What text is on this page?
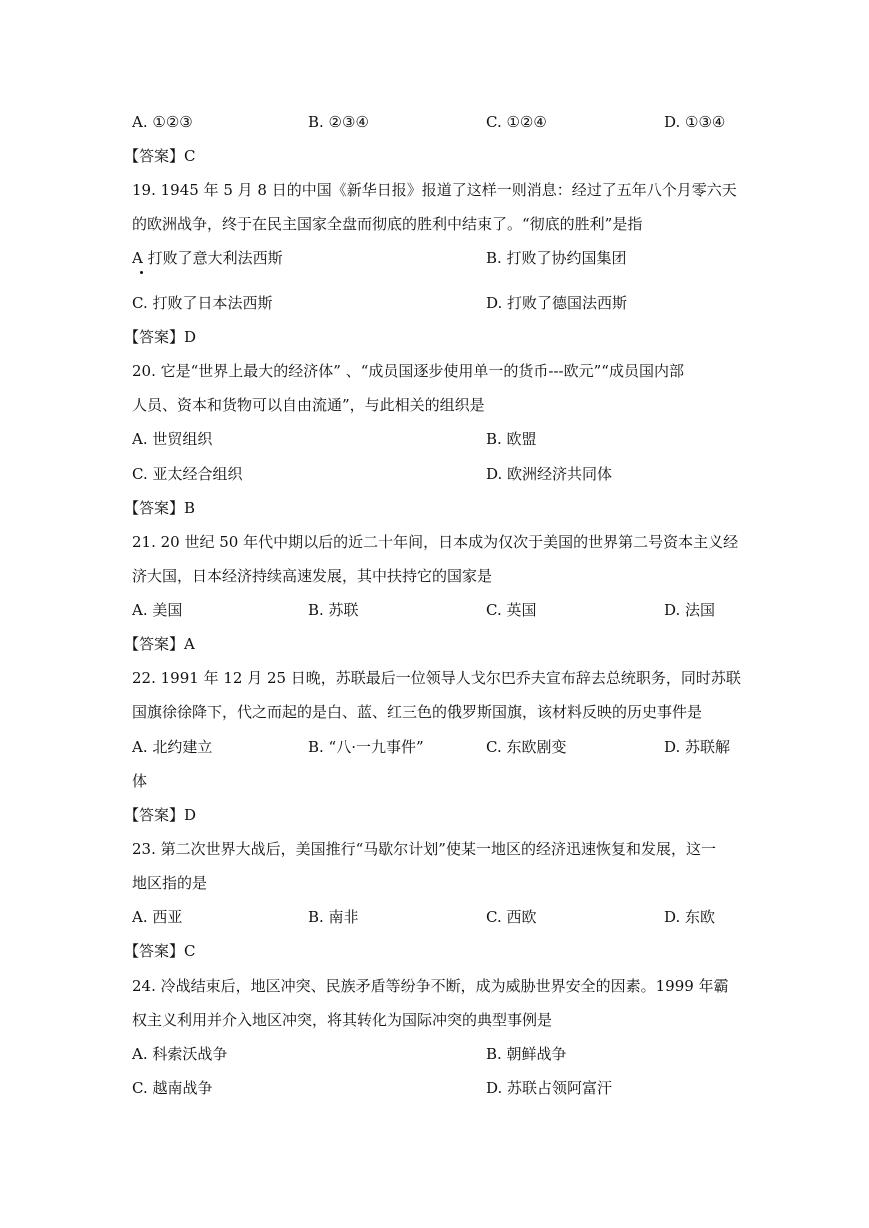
A. ①②③	B. ②③④	C. ①②④	D. ①③④
【答案】C
19. 1945 年 5 月 8 日的中国《新华日报》报道了这样一则消息：经过了五年八个月零六天
的欧洲战争，终于在民主国家全盘而彻底的胜利中结束了。“彻底的胜利”是指
A 打败了意大利法西斯	B. 打败了协约国集团
C. 打败了日本法西斯	D. 打败了德国法西斯
【答案】D
20. 它是“世界上最大的经济体” 、“成员国逐步使用单一的货币---欧元”“成员国内部
人员、资本和货物可以自由流通”，与此相关的组织是
A. 世贸组织	B. 欧盟
C. 亚太经合组织	D. 欧洲经济共同体
【答案】B
21. 20 世纪 50 年代中期以后的近二十年间，日本成为仅次于美国的世界第二号资本主义经
济大国，日本经济持续高速发展，其中扶持它的国家是
A. 美国	B. 苏联	C. 英国	D. 法国
【答案】A
22. 1991 年 12 月 25 日晚，苏联最后一位领导人戈尔巴乔夫宣布辞去总统职务，同时苏联
国旗徐徐降下，代之而起的是白、蓝、红三色的俄罗斯国旗，该材料反映的历史事件是
A. 北约建立	B. “八·一九事件”	C. 东欧剧变	D. 苏联解
体
【答案】D
23. 第二次世界大战后，美国推行“马歇尔计划”使某一地区的经济迅速恢复和发展，这一
地区指的是
A. 西亚	B. 南非	C. 西欧	D. 东欧
【答案】C
24. 冷战结束后，地区冲突、民族矛盾等纷争不断，成为威胁世界安全的因素。1999 年霸
权主义利用并介入地区冲突，将其转化为国际冲突的典型事例是
A. 科索沃战争	B. 朝鲜战争
C. 越南战争	D. 苏联占领阿富汗
